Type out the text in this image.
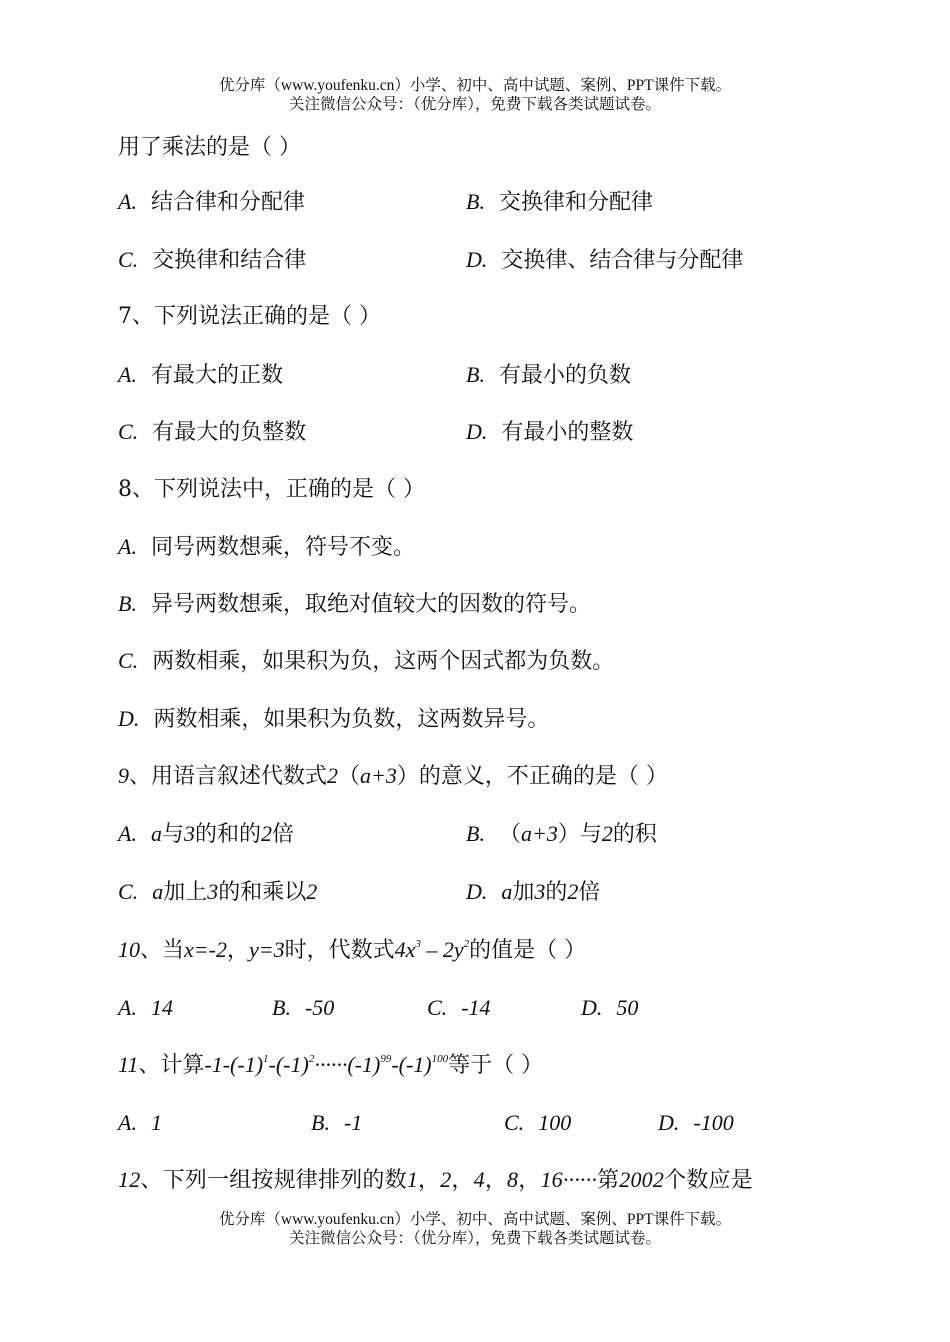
优分库（www.youfenku.cn）小学、初中、高中试题、案例、PPT课件下载。
关注微信公众号：（优分库），免费下载各类试题试卷。
用了乘法的是（ ）
A. 结合律和分配律	B. 交换律和分配律
C. 交换律和结合律	D. 交换律、结合律与分配律
7、下列说法正确的是（ ）
A. 有最大的正数	B. 有最小的负数
C. 有最大的负整数	D. 有最小的整数
8、下列说法中，正确的是（ ）
A. 同号两数想乘，符号不变。
B. 异号两数想乘，取绝对值较大的因数的符号。
C. 两数相乘，如果积为负，这两个因式都为负数。
D. 两数相乘，如果积为负数，这两数异号。
9、用语言叙述代数式2（a+3）的意义，不正确的是（ ）
A. a与3的和的2倍	B. （a+3）与2的积
C. a加上3的和乘以2	D. a加3的2倍
10、当x=-2，y=3时，代数式$4x^3 - 2y^2$的值是（ ）
A. 14	B. -50	C. -14	D. 50
11、计算$-1-(-1)^1-(-1)^2\cdot\cdot\cdot\cdot\cdot\cdot(-1)^{99}-(-1)^{100}$等于（ ）
A. 1	B. -1	C. 100	D. -100
12、下列一组按规律排列的数1，2，4，8，16······第2002个数应是
优分库（www.youfenku.cn）小学、初中、高中试题、案例、PPT课件下载。
关注微信公众号：（优分库），免费下载各类试题试卷。
